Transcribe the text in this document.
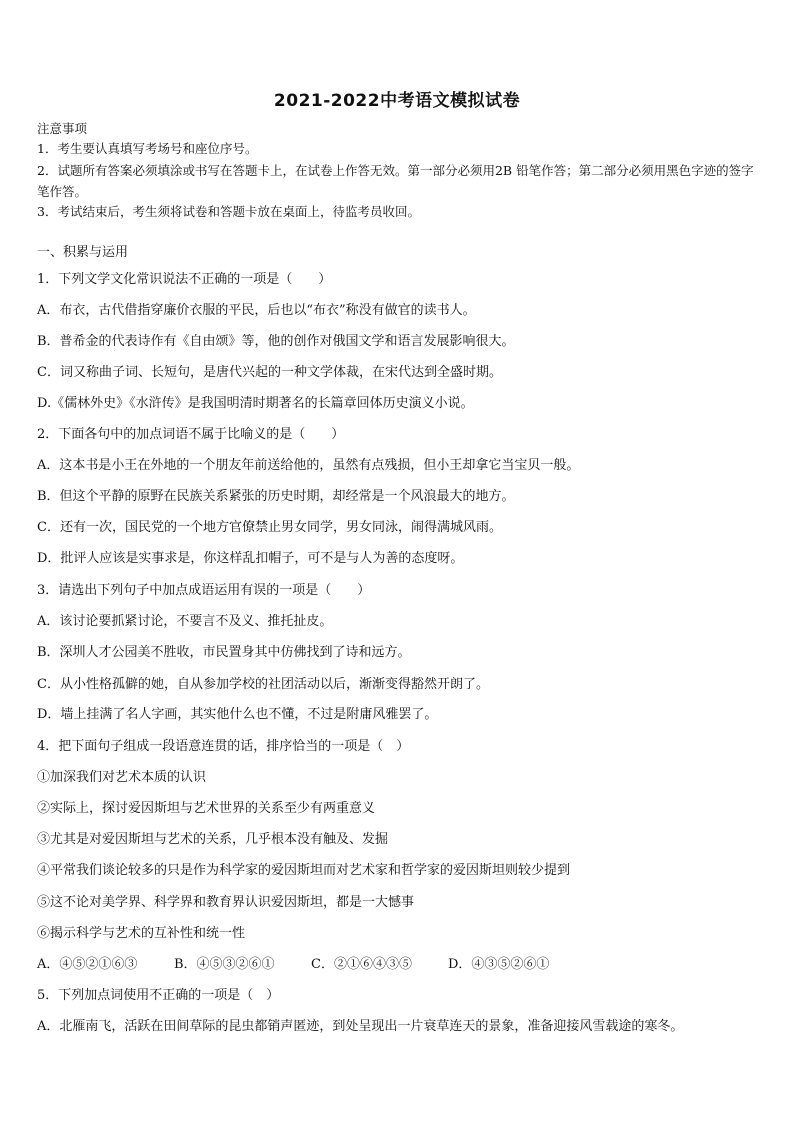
2021-2022中考语文模拟试卷
注意事项
1．考生要认真填写考场号和座位序号。
2．试题所有答案必须填涂或书写在答题卡上，在试卷上作答无效。第一部分必须用2B 铅笔作答；第二部分必须用黑色字迹的签字笔作答。
3．考试结束后，考生须将试卷和答题卡放在桌面上，待监考员收回。
一、积累与运用
1．下列文学文化常识说法不正确的一项是（　　）
A．布衣，古代借指穿廉价衣服的平民，后也以“布衣”称没有做官的读书人。
B．普希金的代表诗作有《自由颂》等，他的创作对俄国文学和语言发展影响很大。
C．词又称曲子词、长短句，是唐代兴起的一种文学体裁，在宋代达到全盛时期。
D.《儒林外史》《水浒传》是我国明清时期著名的长篇章回体历史演义小说。
2．下面各句中的加点词语不属于比喻义的是（　　）
A．这本书是小王在外地的一个朋友年前送给他的，虽然有点残损，但小王却拿它当宝贝一般。
B．但这个平静的原野在民族关系紧张的历史时期，却经常是一个风浪最大的地方。
C．还有一次，国民党的一个地方官僚禁止男女同学，男女同泳，闹得满城风雨。
D．批评人应该是实事求是，你这样乱扣帽子，可不是与人为善的态度呀。
3．请选出下列句子中加点成语运用有误的一项是（　　）
A．该讨论要抓紧讨论，不要言不及义、推托扯皮。
B．深圳人才公园美不胜收，市民置身其中仿佛找到了诗和远方。
C．从小性格孤僻的她，自从参加学校的社团活动以后，渐渐变得豁然开朗了。
D．墙上挂满了名人字画，其实他什么也不懂，不过是附庸风雅罢了。
4．把下面句子组成一段语意连贯的话，排序恰当的一项是（　）
①加深我们对艺术本质的认识
②实际上，探讨爱因斯坦与艺术世界的关系至少有两重意义
③尤其是对爱因斯坦与艺术的关系，几乎根本没有触及、发掘
④平常我们谈论较多的只是作为科学家的爱因斯坦而对艺术家和哲学家的爱因斯坦则较少提到
⑤这不论对美学界、科学界和教育界认识爱因斯坦，都是一大憾事
⑥揭示科学与艺术的互补性和统一性
A．④⑤②①⑥③	B．④⑤③②⑥①	C．②①⑥④③⑤	D．④③⑤②⑥①
5．下列加点词使用不正确的一项是（　）
A．北雁南飞，活跃在田间草际的昆虫都销声匿迹，到处呈现出一片衰草连天的景象，准备迎接风雪载途的寒冬。
